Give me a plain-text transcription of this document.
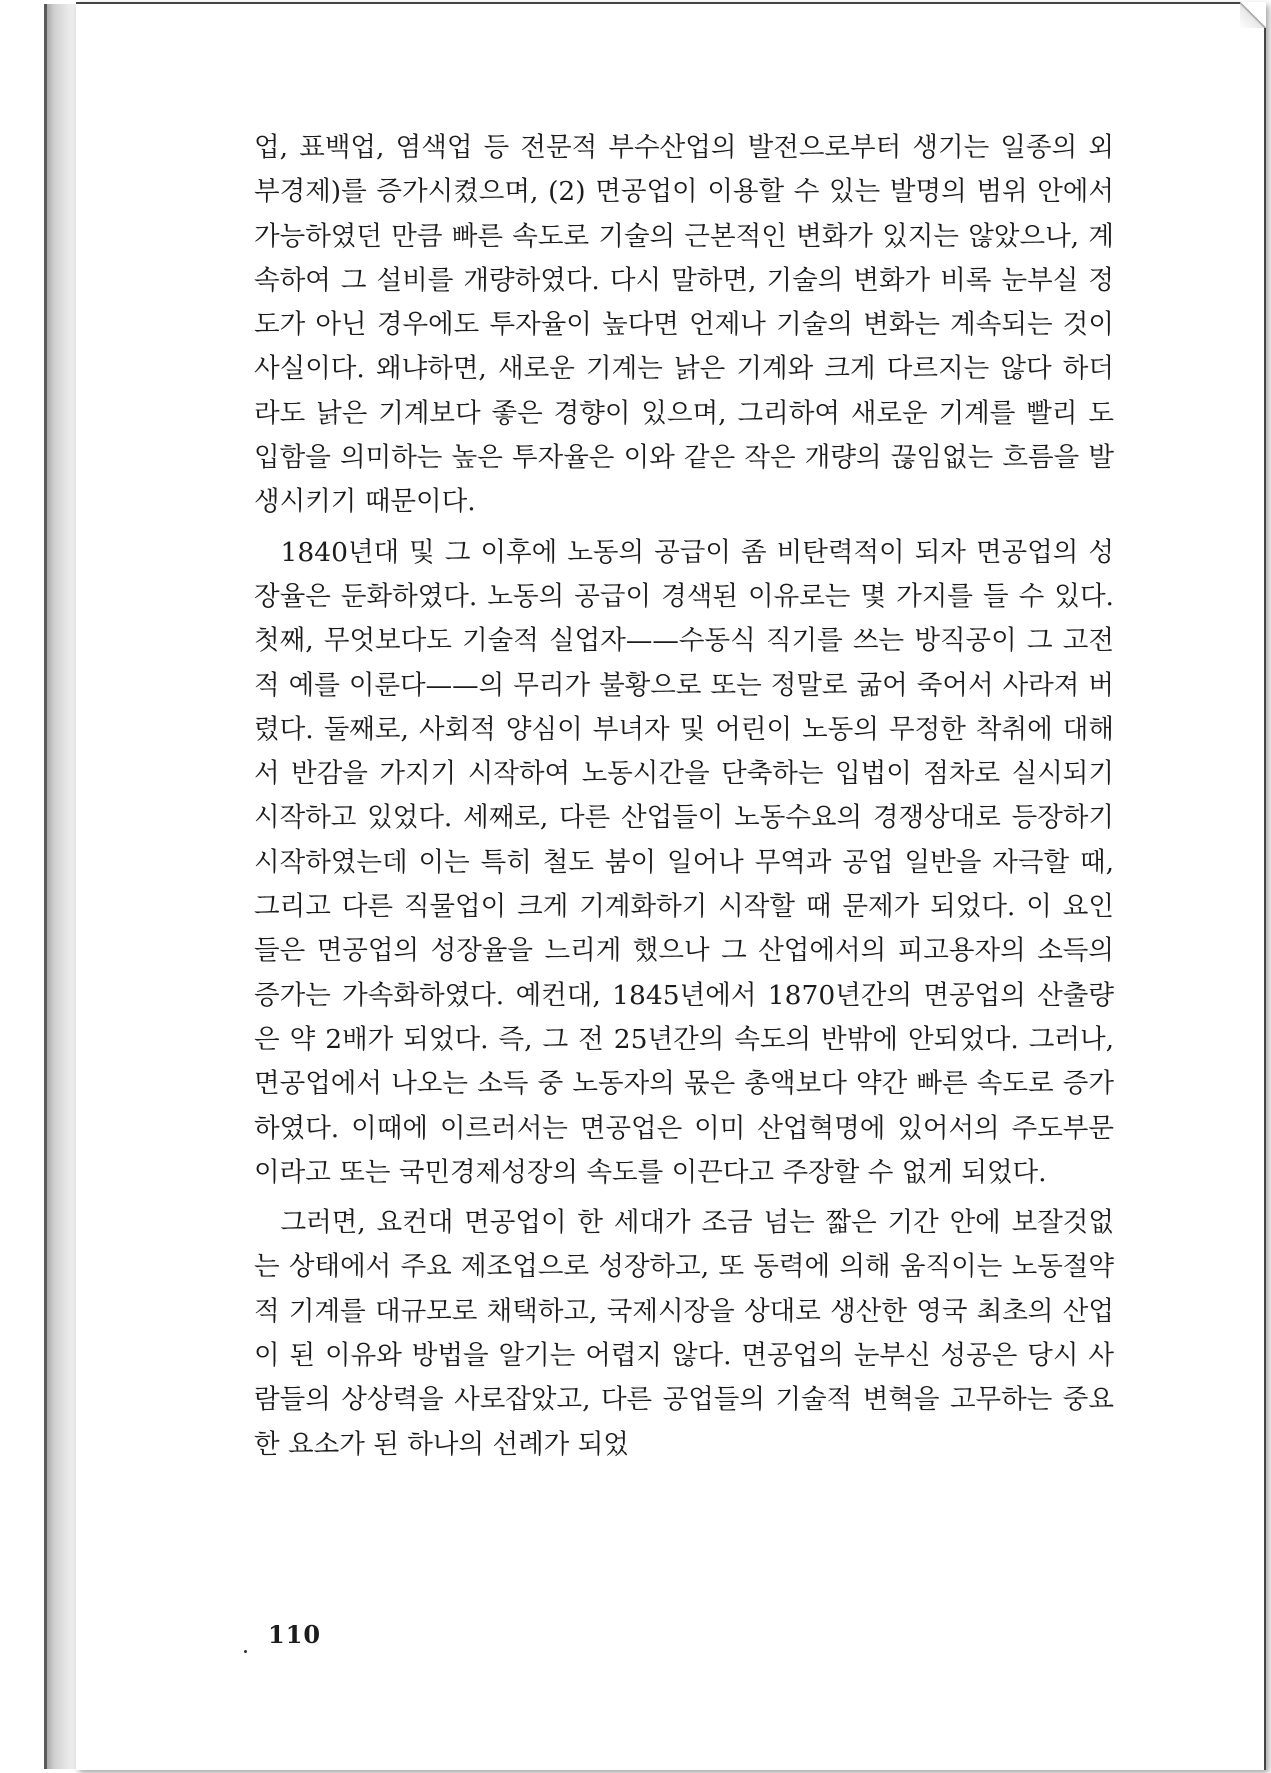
업, 표백업, 염색업 등 전문적 부수산업의 발전으로부터 생기는 일종의 외부경제)를 증가시켰으며, (2) 면공업이 이용할 수 있는 발명의 범위 안에서 가능하였던 만큼 빠른 속도로 기술의 근본적인 변화가 있지는 않았으나, 계속하여 그 설비를 개량하였다. 다시 말하면, 기술의 변화가 비록 눈부실 정도가 아닌 경우에도 투자율이 높다면 언제나 기술의 변화는 계속되는 것이 사실이다. 왜냐하면, 새로운 기계는 낡은 기계와 크게 다르지는 않다 하더라도 낡은 기계보다 좋은 경향이 있으며, 그리하여 새로운 기계를 빨리 도입함을 의미하는 높은 투자율은 이와 같은 작은 개량의 끊임없는 흐름을 발생시키기 때문이다.

1840년대 및 그 이후에 노동의 공급이 좀 비탄력적이 되자 면공업의 성장율은 둔화하였다. 노동의 공급이 경색된 이유로는 몇 가지를 들 수 있다. 첫째, 무엇보다도 기술적 실업자——수동식 직기를 쓰는 방직공이 그 고전적 예를 이룬다——의 무리가 불황으로 또는 정말로 굶어 죽어서 사라져 버렸다. 둘째로, 사회적 양심이 부녀자 및 어린이 노동의 무정한 착취에 대해서 반감을 가지기 시작하여 노동시간을 단축하는 입법이 점차로 실시되기 시작하고 있었다. 세째로, 다른 산업들이 노동수요의 경쟁상대로 등장하기 시작하였는데 이는 특히 철도 붐이 일어나 무역과 공업 일반을 자극할 때, 그리고 다른 직물업이 크게 기계화하기 시작할 때 문제가 되었다. 이 요인들은 면공업의 성장율을 느리게 했으나 그 산업에서의 피고용자의 소득의 증가는 가속화하였다. 예컨대, 1845년에서 1870년간의 면공업의 산출량은 약 2배가 되었다. 즉, 그 전 25년간의 속도의 반밖에 안되었다. 그러나, 면공업에서 나오는 소득 중 노동자의 몫은 총액보다 약간 빠른 속도로 증가하였다. 이때에 이르러서는 면공업은 이미 산업혁명에 있어서의 주도부문이라고 또는 국민경제성장의 속도를 이끈다고 주장할 수 없게 되었다.

그러면, 요컨대 면공업이 한 세대가 조금 넘는 짧은 기간 안에 보잘것없는 상태에서 주요 제조업으로 성장하고, 또 동력에 의해 움직이는 노동절약적 기계를 대규모로 채택하고, 국제시장을 상대로 생산한 영국 최초의 산업이 된 이유와 방법을 알기는 어렵지 않다. 면공업의 눈부신 성공은 당시 사람들의 상상력을 사로잡았고, 다른 공업들의 기술적 변혁을 고무하는 중요한 요소가 된 하나의 선례가 되었

110
